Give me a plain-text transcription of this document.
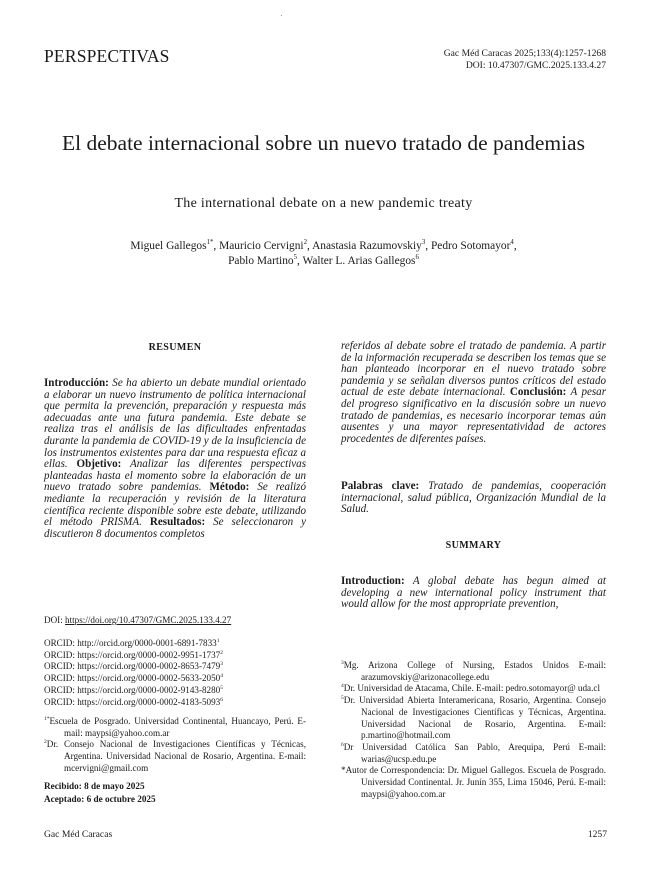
PERSPECTIVAS	Gac Méd Caracas 2025;133(4):1257-1268
DOI: 10.47307/GMC.2025.133.4.27
El debate internacional sobre un nuevo tratado de pandemias
The international debate on a new pandemic treaty
Miguel Gallegos$^{1*}$, Mauricio Cervigni$^2$, Anastasia Razumovskiy$^3$, Pedro Sotomayor$^4$,
Pablo Martino$^5$, Walter L. Arias Gallegos$^6$
RESUMEN
Introducción: Se ha abierto un debate mundial orientado a elaborar un nuevo instrumento de política internacional que permita la prevención, preparación y respuesta más adecuadas ante una futura pandemia. Este debate se realiza tras el análisis de las dificultades enfrentadas durante la pandemia de COVID-19 y de la insuficiencia de los instrumentos existentes para dar una respuesta eficaz a ellas. Objetivo: Analizar las diferentes perspectivas planteadas hasta el momento sobre la elaboración de un nuevo tratado sobre pandemias. Método: Se realizó mediante la recuperación y revisión de la literatura científica reciente disponible sobre este debate, utilizando el método PRISMA. Resultados: Se seleccionaron y discutieron 8 documentos completos
referidos al debate sobre el tratado de pandemia. A partir de la información recuperada se describen los temas que se han planteado incorporar en el nuevo tratado sobre pandemia y se señalan diversos puntos críticos del estado actual de este debate internacional. Conclusión: A pesar del progreso significativo en la discusión sobre un nuevo tratado de pandemias, es necesario incorporar temas aún ausentes y una mayor representatividad de actores procedentes de diferentes países.
Palabras clave: Tratado de pandemias, cooperación internacional, salud pública, Organización Mundial de la Salud.
SUMMARY
Introduction: A global debate has begun aimed at developing a new international policy instrument that would allow for the most appropriate prevention,
DOI: https://doi.org/10.47307/GMC.2025.133.4.27
ORCID: http://orcid.org/0000-0001-6891-7833$^1$
ORCID: https://orcid.org/0000-0002-9951-1737$^2$
ORCID: https://orcid.org/0000-0002-8653-7479$^3$
ORCID: https://orcid.org/0000-0002-5633-2050$^4$
ORCID: https://orcid.org/0000-0002-9143-8280$^5$
ORCID: https://orcid.org/0000-0002-4183-5093$^6$
$^{1*}$Escuela de Posgrado. Universidad Continental, Huancayo, Perú. E-mail: maypsi@yahoo.com.ar
$^2$Dr. Consejo Nacional de Investigaciones Científicas y Técnicas, Argentina. Universidad Nacional de Rosario, Argentina. E-mail: mcervigni@gmail.com
Recibido: 8 de mayo 2025
Aceptado: 6 de octubre 2025
$^3$Mg. Arizona College of Nursing, Estados Unidos E-mail: arazumovskiy@arizonacollege.edu
$^4$Dr. Universidad de Atacama, Chile. E-mail: pedro.sotomayor@ uda.cl
$^5$Dr. Universidad Abierta Interamericana, Rosario, Argentina. Consejo Nacional de Investigaciones Científicas y Técnicas, Argentina. Universidad Nacional de Rosario, Argentina. E-mail: p.martino@hotmail.com
$^6$Dr Universidad Católica San Pablo, Arequipa, Perú E-mail: warias@ucsp.edu.pe
*Autor de Correspondencia: Dr. Miguel Gallegos. Escuela de Posgrado. Universidad Continental. Jr. Junín 355, Lima 15046, Perú. E-mail: maypsi@yahoo.com.ar
Gac Méd Caracas	1257
